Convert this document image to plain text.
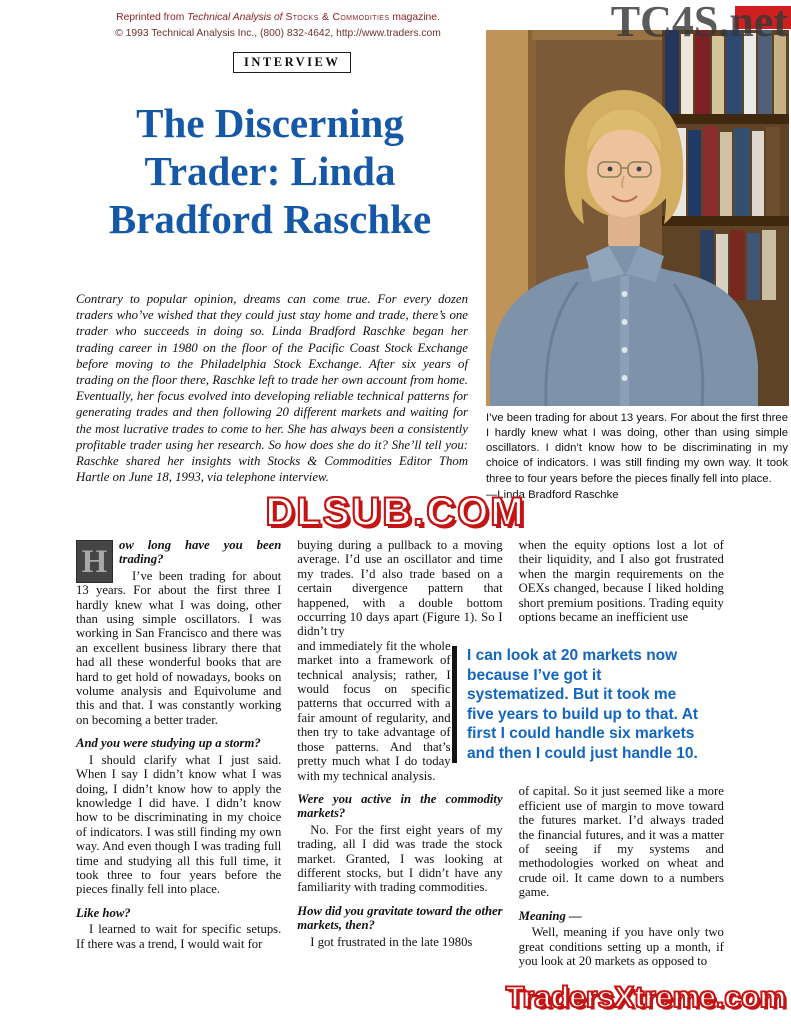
TC4S.net
Reprinted from Technical Analysis of Stocks & Commodities magazine.
© 1993 Technical Analysis Inc., (800) 832-4642, http://www.traders.com
INTERVIEW
The Discerning
Trader: Linda
Bradford Raschke

Contrary to popular opinion, dreams can come true. For every dozen traders who’ve wished that they could just stay home and trade, there’s one trader who succeeds in doing so. Linda Bradford Raschke began her trading career in 1980 on the floor of the Pacific Coast Stock Exchange before moving to the Philadelphia Stock Exchange. After six years of trading on the floor there, Raschke left to trade her own account from home. Eventually, her focus evolved into developing reliable technical patterns for generating trades and then following 20 different markets and waiting for the most lucrative trades to come to her. She has always been a consistently profitable trader using her research. So how does she do it? She’ll tell you: Raschke shared her insights with Stocks & Commodities Editor Thom Hartle on June 18, 1993, via telephone interview.

I’ve been trading for about 13 years. For about the first three I hardly knew what I was doing, other than using simple oscillators. I didn’t know how to be discriminating in my choice of indicators. I was still finding my own way. It took three to four years before the pieces finally fell into place.
—Linda Bradford Raschke
DLSUB.COM
H ow long have you been trading?

I’ve been trading for about 13 years. For about the first three I hardly knew what I was doing, other than using simple oscillators. I was working in San Francisco and there was an excellent business library there that had all these wonderful books that are hard to get hold of nowadays, books on volume analysis and Equivolume and this and that. I was constantly working on becoming a better trader.

And you were studying up a storm?

I should clarify what I just said. When I say I didn’t know what I was doing, I didn’t know how to apply the knowledge I did have. I didn’t know how to be discriminating in my choice of indicators. I was still finding my own way. And even though I was trading full time and studying all this full time, it took three to four years before the pieces finally fell into place.

Like how?

I learned to wait for specific setups. If there was a trend, I would wait for

buying during a pullback to a moving average. I’d use an oscillator and time my trades. I’d also trade based on a certain divergence pattern that happened, with a double bottom occurring 10 days apart (Figure 1). So I didn’t try

and immediately fit the whole market into a framework of technical analysis; rather, I would focus on specific patterns that occurred with a fair amount of regularity, and then try to take advantage of those patterns. And that’s pretty much what I do today with my technical analysis.

Were you active in the commodity markets?

No. For the first eight years of my trading, all I did was trade the stock market. Granted, I was looking at different stocks, but I didn’t have any familiarity with trading commodities.

How did you gravitate toward the other markets, then?

I got frustrated in the late 1980s

when the equity options lost a lot of their liquidity, and I also got frustrated when the margin requirements on the OEXs changed, because I liked holding short premium positions. Trading equity options became an inefficient use

of capital. So it just seemed like a more efficient use of margin to move toward the futures market. I’d always traded the financial futures, and it was a matter of seeing if my systems and methodologies worked on wheat and crude oil. It came down to a numbers game.

Meaning —

Well, meaning if you have only two great conditions setting up a month, if you look at 20 markets as opposed to

I can look at 20 markets now because I’ve got it systematized. But it took me five years to build up to that. At first I could handle six markets and then I could just handle 10.
TradersXtreme.com
